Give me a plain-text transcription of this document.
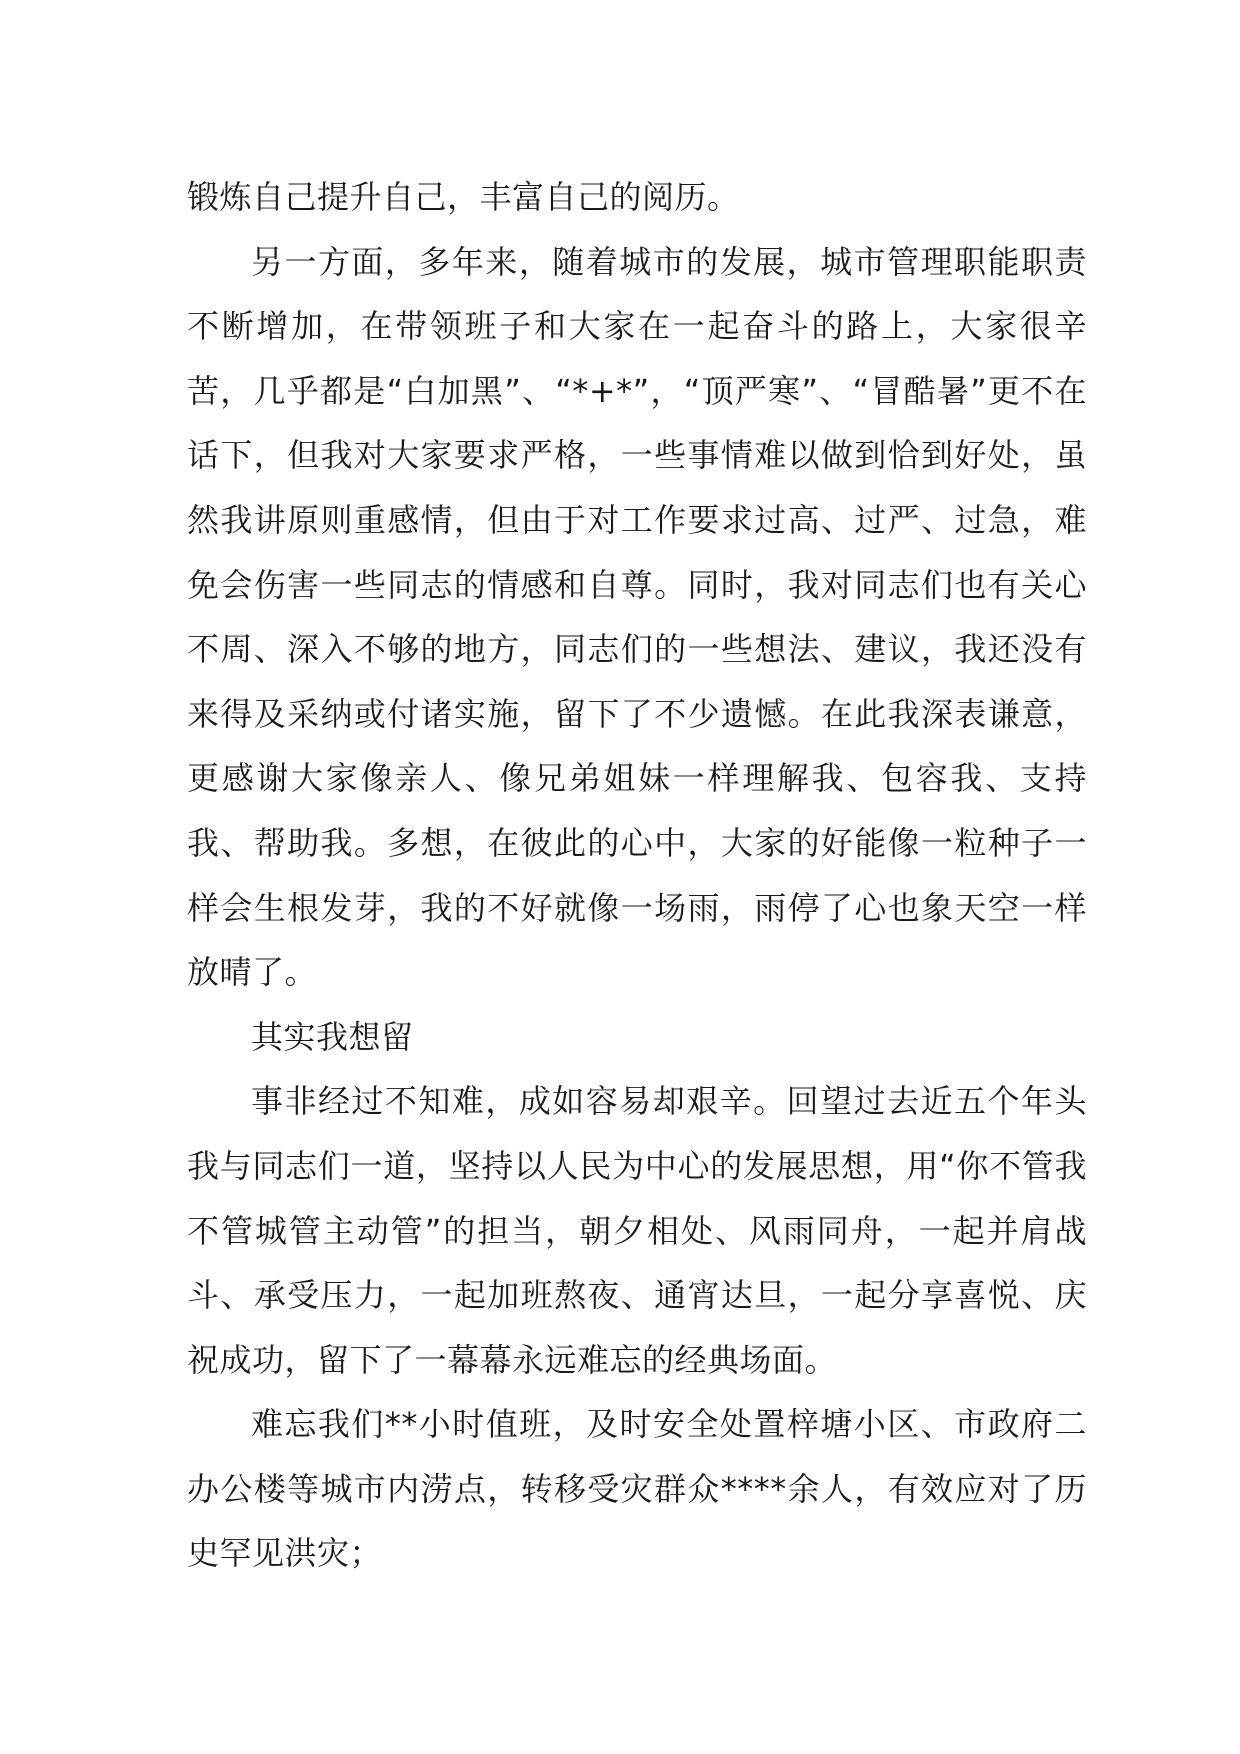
锻炼自己提升自己，丰富自己的阅历。

另一方面，多年来，随着城市的发展，城市管理职能职责不断增加，在带领班子和大家在一起奋斗的路上，大家很辛苦，几乎都是“白加黑”、“*+*”，“顶严寒”、“冒酷暑”更不在话下，但我对大家要求严格，一些事情难以做到恰到好处，虽然我讲原则重感情，但由于对工作要求过高、过严、过急，难免会伤害一些同志的情感和自尊。同时，我对同志们也有关心不周、深入不够的地方，同志们的一些想法、建议，我还没有来得及采纳或付诸实施，留下了不少遗憾。在此我深表谦意，更感谢大家像亲人、像兄弟姐妹一样理解我、包容我、支持我、帮助我。多想，在彼此的心中，大家的好能像一粒种子一样会生根发芽，我的不好就像一场雨，雨停了心也象天空一样放晴了。

其实我想留

事非经过不知难，成如容易却艰辛。回望过去近五个年头我与同志们一道，坚持以人民为中心的发展思想，用“你不管我不管城管主动管”的担当，朝夕相处、风雨同舟，一起并肩战斗、承受压力，一起加班熬夜、通宵达旦，一起分享喜悦、庆祝成功，留下了一幕幕永远难忘的经典场面。

难忘我们**小时值班，及时安全处置梓塘小区、市政府二办公楼等城市内涝点，转移受灾群众****余人，有效应对了历史罕见洪灾；
